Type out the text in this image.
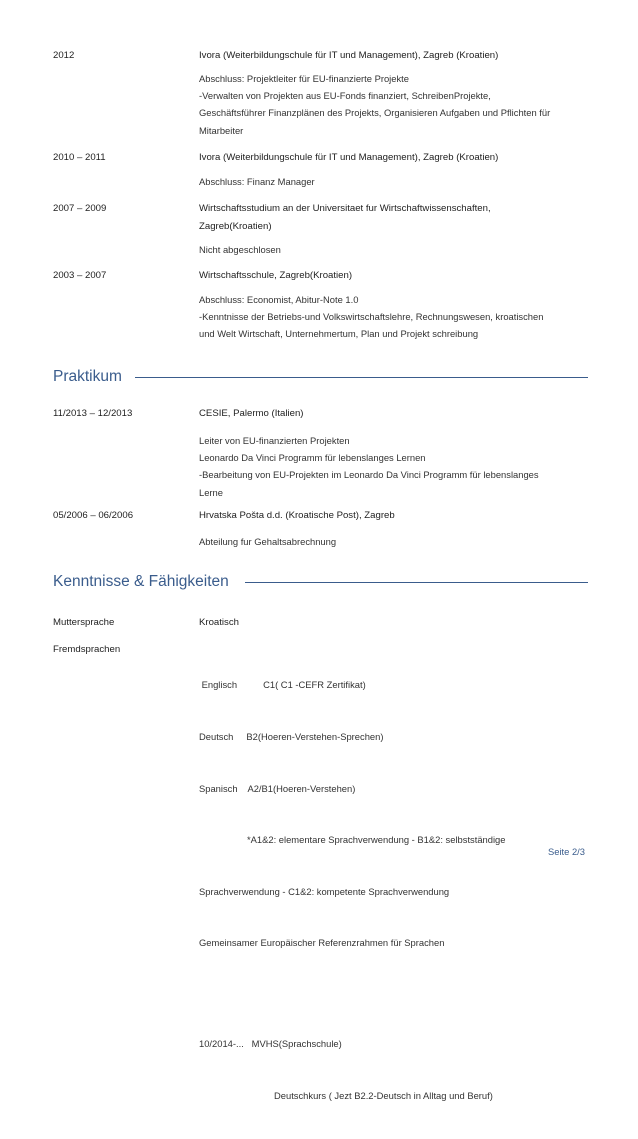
2012	Ivora (Weiterbildungschule für IT und Management), Zagreb (Kroatien)
Abschluss: Projektleiter für EU-finanzierte Projekte
-Verwalten von Projekten aus EU-Fonds finanziert, SchreibenProjekte,
Geschäftsführer Finanzplänen des Projekts, Organisieren Aufgaben und Pflichten für
Mitarbeiter
2010 – 2011	Ivora (Weiterbildungschule für IT und Management), Zagreb (Kroatien)
Abschluss: Finanz Manager
2007 – 2009	Wirtschaftsstudium an der Universitaet fur Wirtschaftwissenschaften,
Zagreb(Kroatien)
Nicht abgeschlosen
2003 – 2007	Wirtschaftsschule, Zagreb(Kroatien)
Abschluss: Economist, Abitur-Note 1.0
-Kenntnisse der Betriebs-und Volkswirtschaftslehre, Rechnungswesen, kroatischen
und Welt Wirtschaft, Unternehmertum, Plan und Projekt schreibung
Praktikum
11/2013 – 12/2013	CESIE, Palermo (Italien)
Leiter von EU-finanzierten Projekten
Leonardo Da Vinci Programm für lebenslanges Lernen
-Bearbeitung von EU-Projekten im Leonardo Da Vinci Programm für lebenslanges
Lerne
05/2006 – 06/2006	Hrvatska Pošta d.d. (Kroatische Post), Zagreb
Abteilung fur Gehaltsabrechnung
Kenntnisse & Fähigkeiten
Muttersprache	Kroatisch
Fremdsprachen

Englisch          C1( C1 -CEFR Zertifikat)

Deutsch     B2(Hoeren-Verstehen-Sprechen)

Spanisch    A2/B1(Hoeren-Verstehen)

*A1&2: elementare Sprachverwendung - B1&2: selbstständige

Sprachverwendung - C1&2: kompetente Sprachverwendung

Gemeinsamer Europäischer Referenzrahmen für Sprachen

10/2014-...   MVHS(Sprachschule)

Deutschkurs ( Jezt B2.2-Deutsch in Alltag und Beruf)

Seite 2/3
